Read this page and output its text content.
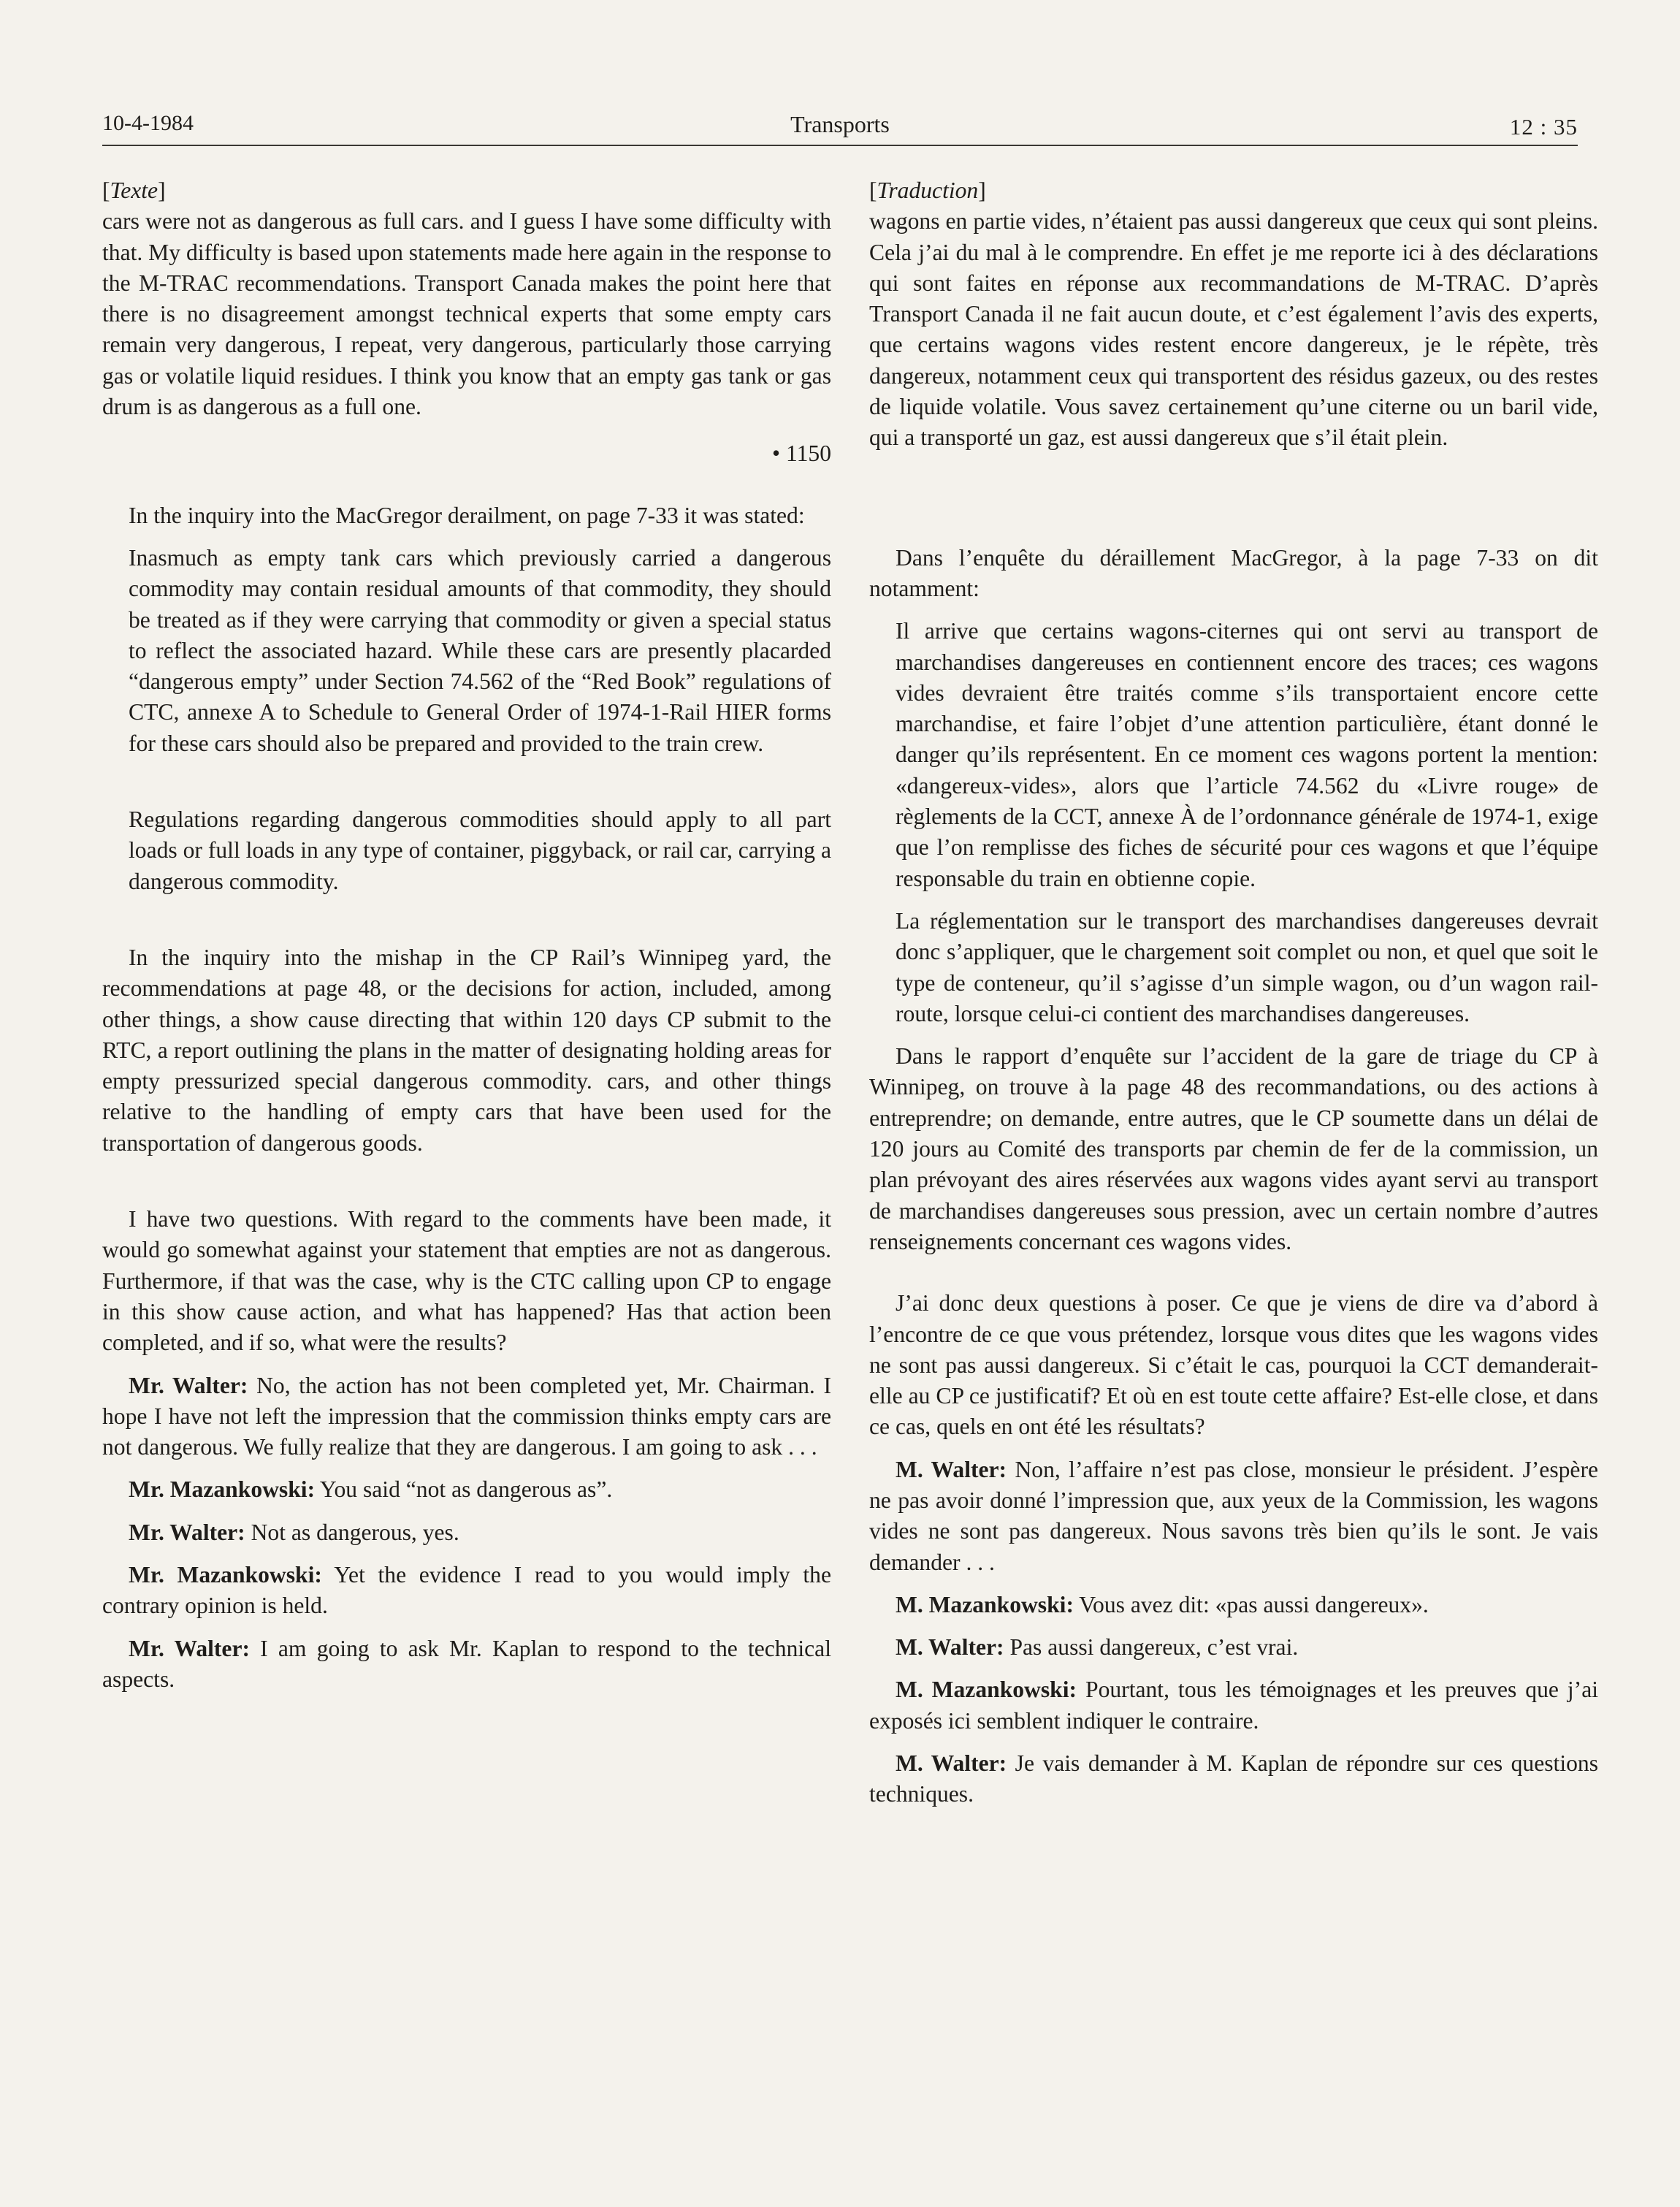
10-4-1984	Transports	12 : 35

[Texte]

cars were not as dangerous as full cars. and I guess I have some difficulty with that. My difficulty is based upon statements made here again in the response to the M-TRAC recommendations. Transport Canada makes the point here that there is no disagreement amongst technical experts that some empty cars remain very dangerous, I repeat, very dangerous, particularly those carrying gas or volatile liquid residues. I think you know that an empty gas tank or gas drum is as dangerous as a full one.

• 1150

In the inquiry into the MacGregor derailment, on page 7-33 it was stated:

Inasmuch as empty tank cars which previously carried a dangerous commodity may contain residual amounts of that commodity, they should be treated as if they were carrying that commodity or given a special status to reflect the associated hazard. While these cars are presently placarded “dangerous empty” under Section 74.562 of the “Red Book” regulations of CTC, annexe A to Schedule to General Order of 1974-1-Rail HIER forms for these cars should also be prepared and provided to the train crew.

Regulations regarding dangerous commodities should apply to all part loads or full loads in any type of container, piggyback, or rail car, carrying a dangerous commodity.

In the inquiry into the mishap in the CP Rail’s Winnipeg yard, the recommendations at page 48, or the decisions for action, included, among other things, a show cause directing that within 120 days CP submit to the RTC, a report outlining the plans in the matter of designating holding areas for empty pressurized special dangerous commodity. cars, and other things relative to the handling of empty cars that have been used for the transportation of dangerous goods.

I have two questions. With regard to the comments have been made, it would go somewhat against your statement that empties are not as dangerous. Furthermore, if that was the case, why is the CTC calling upon CP to engage in this show cause action, and what has happened? Has that action been completed, and if so, what were the results?

Mr. Walter: No, the action has not been completed yet, Mr. Chairman. I hope I have not left the impression that the commission thinks empty cars are not dangerous. We fully realize that they are dangerous. I am going to ask . . .

Mr. Mazankowski: You said “not as dangerous as”.

Mr. Walter: Not as dangerous, yes.

Mr. Mazankowski: Yet the evidence I read to you would imply the contrary opinion is held.

Mr. Walter: I am going to ask Mr. Kaplan to respond to the technical aspects.

[Traduction]

wagons en partie vides, n’étaient pas aussi dangereux que ceux qui sont pleins. Cela j’ai du mal à le comprendre. En effet je me reporte ici à des déclarations qui sont faites en réponse aux recommandations de M-TRAC. D’après Transport Canada il ne fait aucun doute, et c’est également l’avis des experts, que certains wagons vides restent encore dangereux, je le répète, très dangereux, notamment ceux qui transportent des résidus gazeux, ou des restes de liquide volatile. Vous savez certainement qu’une citerne ou un baril vide, qui a transporté un gaz, est aussi dangereux que s’il était plein.

Dans l’enquête du déraillement MacGregor, à la page 7-33 on dit notamment:

Il arrive que certains wagons-citernes qui ont servi au transport de marchandises dangereuses en contiennent encore des traces; ces wagons vides devraient être traités comme s’ils transportaient encore cette marchandise, et faire l’objet d’une attention particulière, étant donné le danger qu’ils représentent. En ce moment ces wagons portent la mention: «dangereux-vides», alors que l’article 74.562 du «Livre rouge» de règlements de la CCT, annexe À de l’ordonnance générale de 1974-1, exige que l’on remplisse des fiches de sécurité pour ces wagons et que l’équipe responsable du train en obtienne copie.

La réglementation sur le transport des marchandises dangereuses devrait donc s’appliquer, que le chargement soit complet ou non, et quel que soit le type de conteneur, qu’il s’agisse d’un simple wagon, ou d’un wagon rail-route, lorsque celui-ci contient des marchandises dangereuses.

Dans le rapport d’enquête sur l’accident de la gare de triage du CP à Winnipeg, on trouve à la page 48 des recommandations, ou des actions à entreprendre; on demande, entre autres, que le CP soumette dans un délai de 120 jours au Comité des transports par chemin de fer de la commission, un plan prévoyant des aires réservées aux wagons vides ayant servi au transport de marchandises dangereuses sous pression, avec un certain nombre d’autres renseignements concernant ces wagons vides.

J’ai donc deux questions à poser. Ce que je viens de dire va d’abord à l’encontre de ce que vous prétendez, lorsque vous dites que les wagons vides ne sont pas aussi dangereux. Si c’était le cas, pourquoi la CCT demanderait-elle au CP ce justificatif? Et où en est toute cette affaire? Est-elle close, et dans ce cas, quels en ont été les résultats?

M. Walter: Non, l’affaire n’est pas close, monsieur le président. J’espère ne pas avoir donné l’impression que, aux yeux de la Commission, les wagons vides ne sont pas dangereux. Nous savons très bien qu’ils le sont. Je vais demander . . .

M. Mazankowski: Vous avez dit: «pas aussi dangereux».

M. Walter: Pas aussi dangereux, c’est vrai.

M. Mazankowski: Pourtant, tous les témoignages et les preuves que j’ai exposés ici semblent indiquer le contraire.

M. Walter: Je vais demander à M. Kaplan de répondre sur ces questions techniques.
